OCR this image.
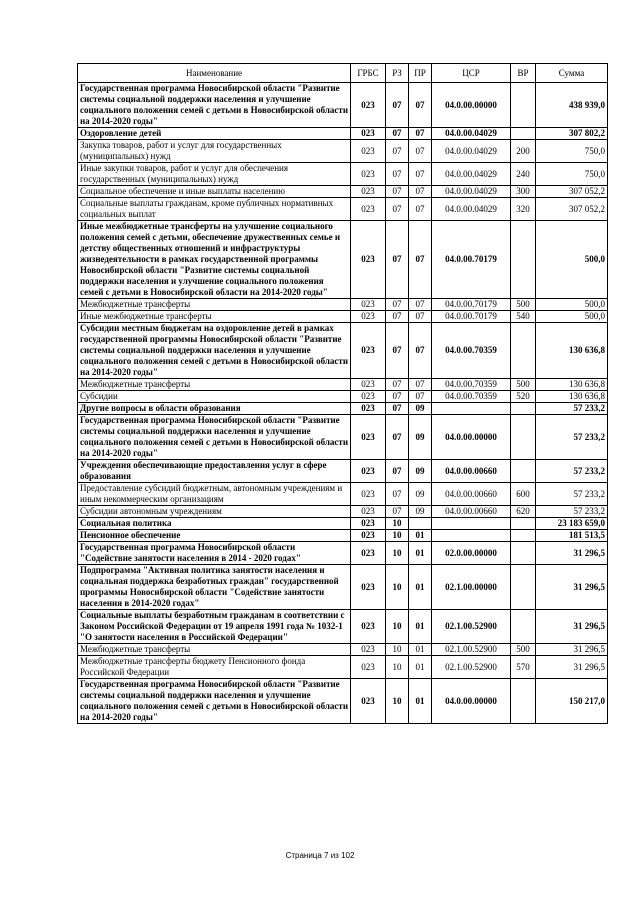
Наименование	ГРБС	РЗ	ПР	ЦСР	ВР	Сумма
Государственная программа Новосибирской области "Развитие системы социальной поддержки населения и улучшение социального положения семей с детьми в Новосибирской области на 2014-2020 годы"	023	07	07	04.0.00.00000		438 939,0
Оздоровление детей	023	07	07	04.0.00.04029		307 802,2
Закупка товаров, работ и услуг для государственных (муниципальных) нужд	023	07	07	04.0.00.04029	200	750,0
Иные закупки товаров, работ и услуг для обеспечения государственных (муниципальных) нужд	023	07	07	04.0.00.04029	240	750,0
Социальное обеспечение и иные выплаты населению	023	07	07	04.0.00.04029	300	307 052,2
Социальные выплаты гражданам, кроме публичных нормативных социальных выплат	023	07	07	04.0.00.04029	320	307 052,2
Иные межбюджетные трансферты на улучшение социального положения семей с детьми, обеспечение дружественных семье и детству общественных отношений и инфраструктуры жизнедеятельности в рамках государственной программы Новосибирской области "Развитие системы социальной поддержки населения и улучшение социального положения семей с детьми в Новосибирской области на 2014-2020 годы"	023	07	07	04.0.00.70179		500,0
Межбюджетные трансферты	023	07	07	04.0.00.70179	500	500,0
Иные межбюджетные трансферты	023	07	07	04.0.00.70179	540	500,0
Субсидии местным бюджетам на оздоровление детей в рамках государственной программы Новосибирской области "Развитие системы социальной поддержки населения и улучшение социального положения семей с детьми в Новосибирской области на 2014-2020 годы"	023	07	07	04.0.00.70359		130 636,8
Межбюджетные трансферты	023	07	07	04.0.00.70359	500	130 636,8
Субсидии	023	07	07	04.0.00.70359	520	130 636,8
Другие вопросы в области образования	023	07	09			57 233,2
Государственная программа Новосибирской области "Развитие системы социальной поддержки населения и улучшение социального положения семей с детьми в Новосибирской области на 2014-2020 годы"	023	07	09	04.0.00.00000		57 233,2
Учреждения обеспечивающие предоставления услуг в сфере образования	023	07	09	04.0.00.00660		57 233,2
Предоставление субсидий бюджетным, автономным учреждениям и иным некоммерческим организациям	023	07	09	04.0.00.00660	600	57 233,2
Субсидии автономным учреждениям	023	07	09	04.0.00.00660	620	57 233,2
Социальная политика	023	10				23 183 659,0
Пенсионное обеспечение	023	10	01			181 513,5
Государственная программа Новосибирской области "Содействие занятости населения в 2014 - 2020 годах"	023	10	01	02.0.00.00000		31 296,5
Подпрограмма "Активная политика занятости населения и социальная поддержка безработных граждан" государственной программы Новосибирской области "Содействие занятости населения в 2014-2020 годах"	023	10	01	02.1.00.00000		31 296,5
Социальные выплаты безработным гражданам в соответствии с Законом Российской Федерации от 19 апреля 1991 года № 1032-1 "О занятости населения в Российской Федерации"	023	10	01	02.1.00.52900		31 296,5
Межбюджетные трансферты	023	10	01	02.1.00.52900	500	31 296,5
Межбюджетные трансферты бюджету Пенсионного фонда Российской Федерации	023	10	01	02.1.00.52900	570	31 296,5
Государственная программа Новосибирской области "Развитие системы социальной поддержки населения и улучшение социального положения семей с детьми в Новосибирской области на 2014-2020 годы"	023	10	01	04.0.00.00000		150 217,0
Страница 7 из 102
